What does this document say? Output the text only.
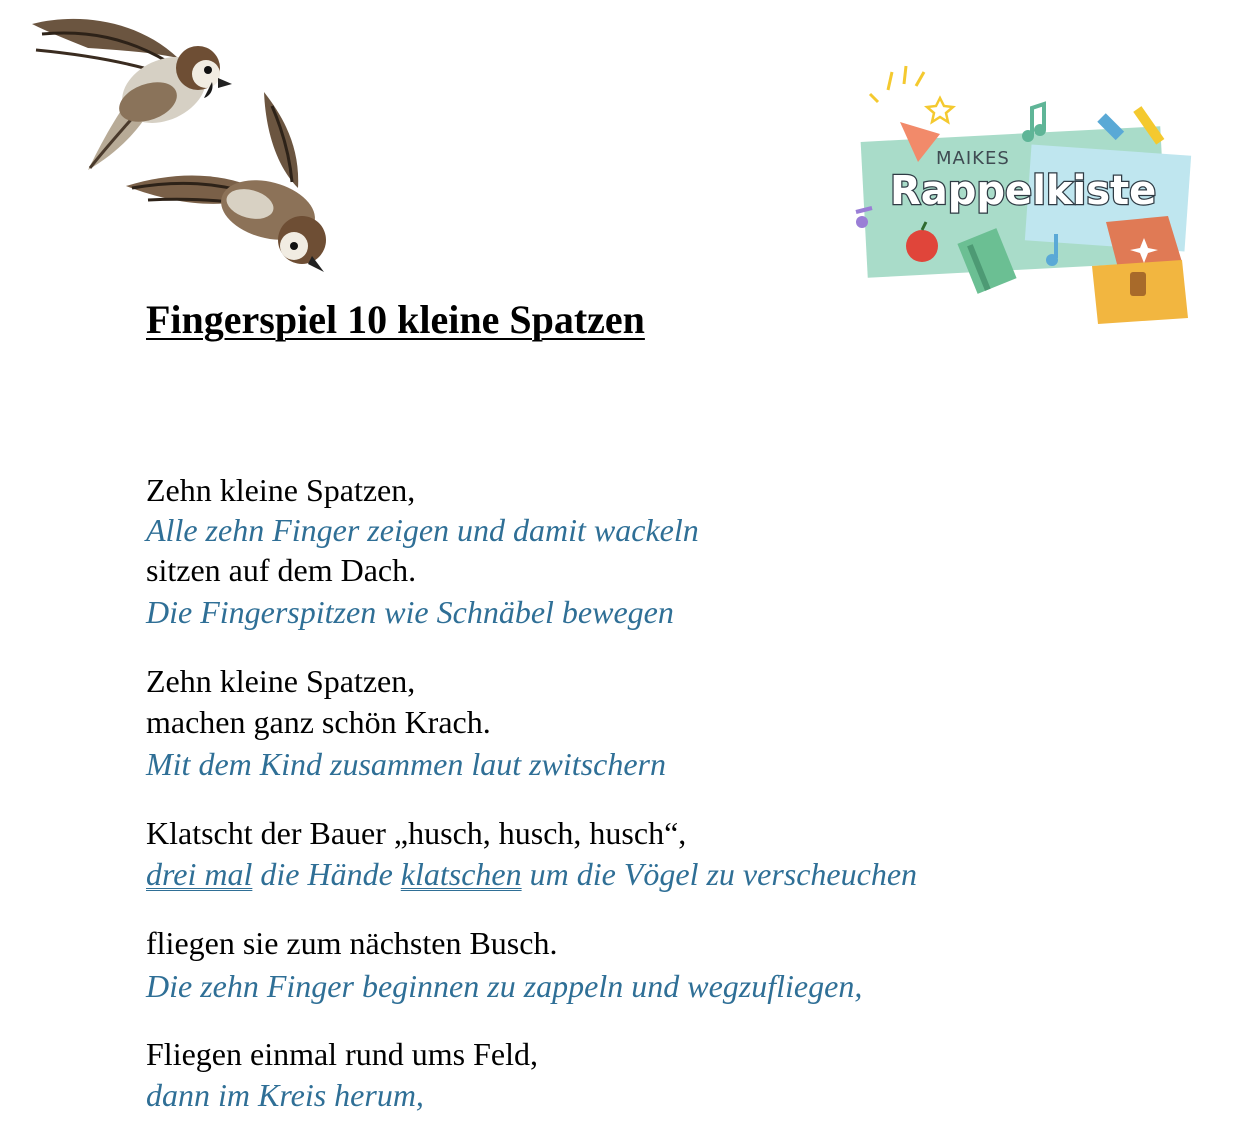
MAIKES
Rappelkiste
Fingerspiel 10 kleine Spatzen
Zehn kleine Spatzen,
Alle zehn Finger zeigen und damit wackeln
sitzen auf dem Dach.
Die Fingerspitzen wie Schnäbel bewegen
Zehn kleine Spatzen,
machen ganz schön Krach.
Mit dem Kind zusammen laut zwitschern
Klatscht der Bauer „husch, husch, husch“,
drei mal die Hände klatschen um die Vögel zu verscheuchen
fliegen sie zum nächsten Busch.
Die zehn Finger beginnen zu zappeln und wegzufliegen,
Fliegen einmal rund ums Feld,
dann im Kreis herum,
